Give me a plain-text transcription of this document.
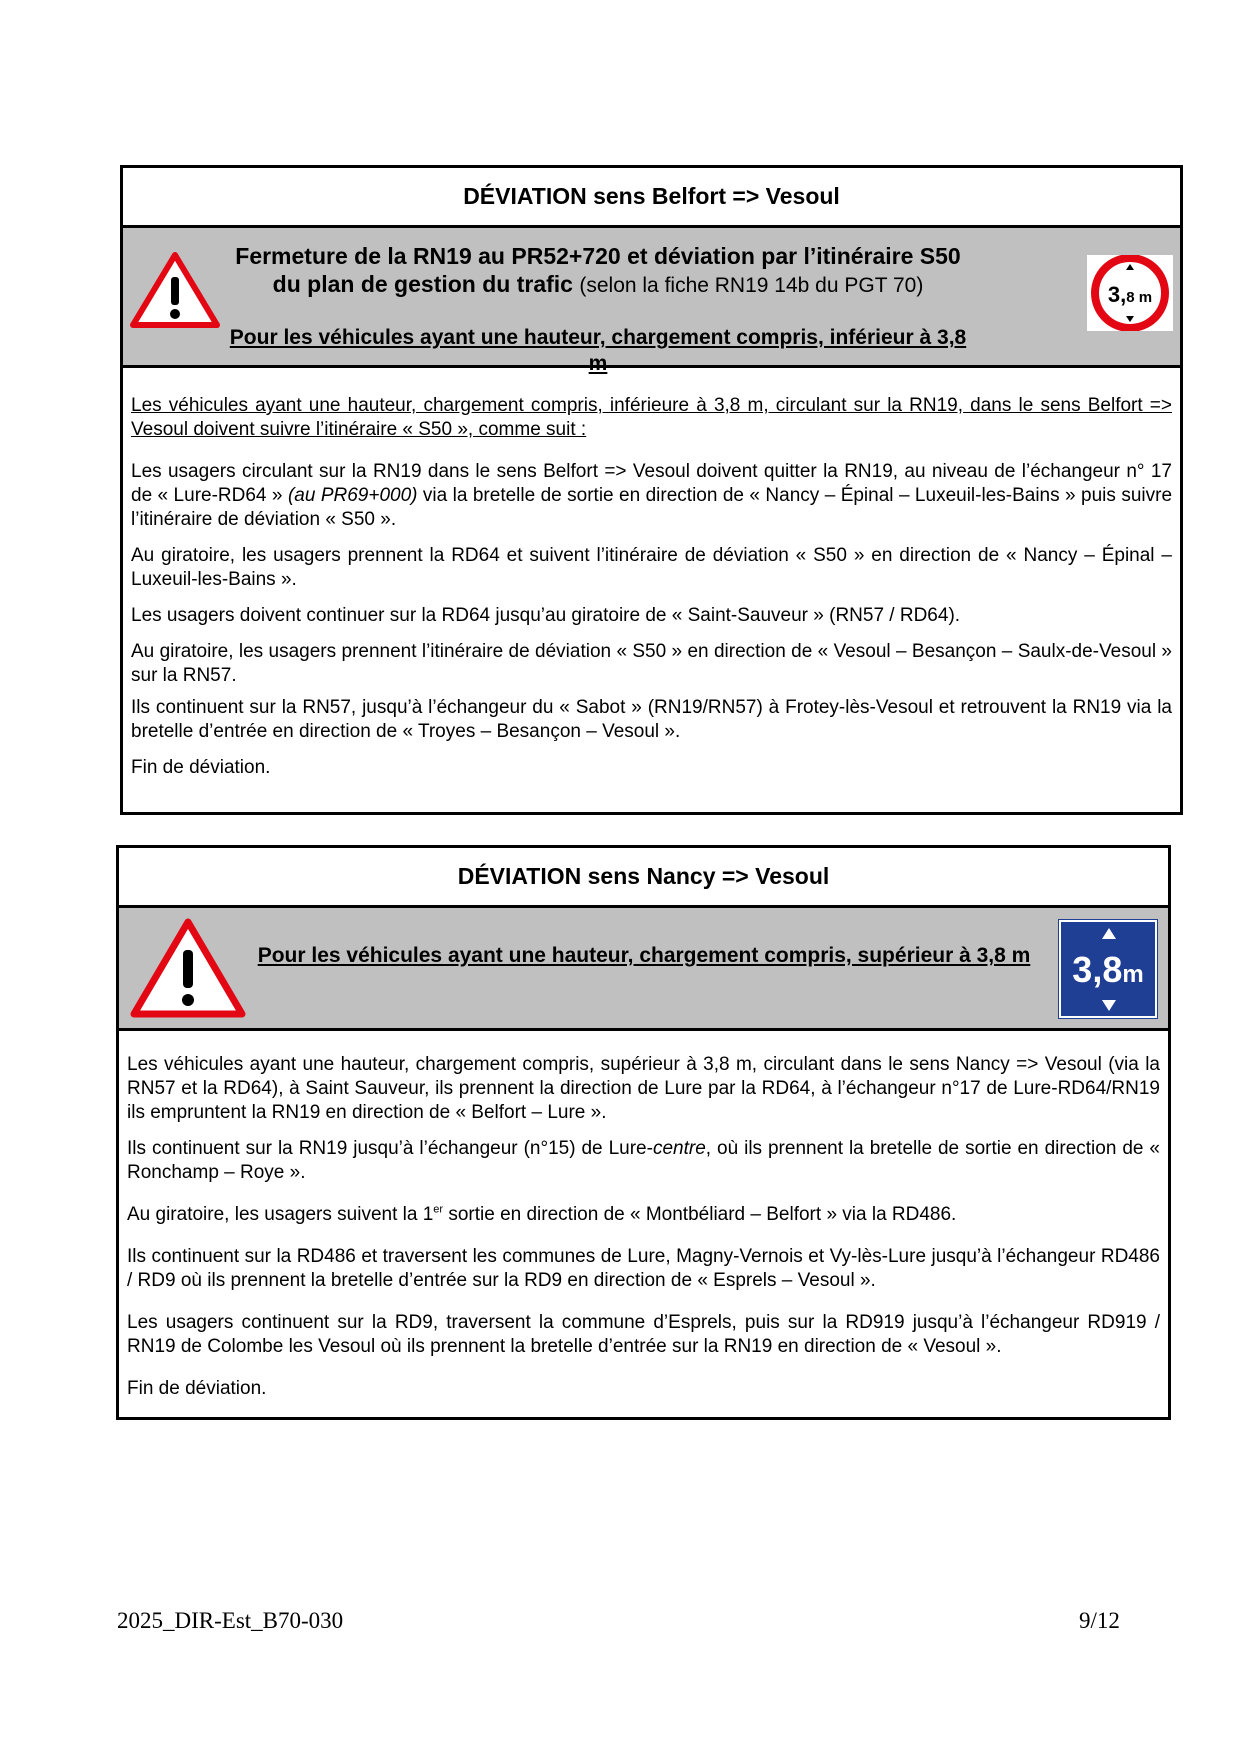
DÉVIATION sens Belfort => Vesoul
Fermeture de la RN19 au PR52+720 et déviation par l’itinéraire S50 du plan de gestion du trafic (selon la fiche RN19 14b du PGT 70)
Pour les véhicules ayant une hauteur, chargement compris, inférieur à 3,8 m
3,8 m

Les véhicules ayant une hauteur, chargement compris, inférieure à 3,8 m, circulant sur la RN19, dans le sens Belfort => Vesoul doivent suivre l’itinéraire « S50 », comme suit :

Les usagers circulant sur la RN19 dans le sens Belfort => Vesoul doivent quitter la RN19, au niveau de l’échangeur n° 17 de « Lure-RD64 » (au PR69+000) via la bretelle de sortie en direction de « Nancy – Épinal – Luxeuil-les-Bains » puis suivre l’itinéraire de déviation « S50 ».

Au giratoire, les usagers prennent la RD64 et suivent l’itinéraire de déviation « S50 » en direction de « Nancy – Épinal – Luxeuil-les-Bains ».

Les usagers doivent continuer sur la RD64 jusqu’au giratoire de « Saint-Sauveur » (RN57 / RD64).

Au giratoire, les usagers prennent l’itinéraire de déviation « S50 » en direction de « Vesoul – Besançon – Saulx-de-Vesoul » sur la RN57.

Ils continuent sur la RN57, jusqu’à l’échangeur du « Sabot » (RN19/RN57) à Frotey-lès-Vesoul et retrouvent la RN19 via la bretelle d’entrée en direction de « Troyes – Besançon – Vesoul ».

Fin de déviation.

DÉVIATION sens Nancy => Vesoul
Pour les véhicules ayant une hauteur, chargement compris, supérieur à 3,8 m	3,8m

Les véhicules ayant une hauteur, chargement compris, supérieur à 3,8 m, circulant dans le sens Nancy => Vesoul (via la RN57 et la RD64), à Saint Sauveur, ils prennent la direction de Lure par la RD64, à l’échangeur n°17 de Lure-RD64/RN19 ils empruntent la RN19 en direction de « Belfort – Lure ».

Ils continuent sur la RN19 jusqu’à l’échangeur (n°15) de Lure-centre, où ils prennent la bretelle de sortie en direction de « Ronchamp – Roye ».

Au giratoire, les usagers suivent la 1er sortie en direction de « Montbéliard – Belfort » via la RD486.

Ils continuent sur la RD486 et traversent les communes de Lure, Magny-Vernois et Vy-lès-Lure jusqu’à l’échangeur RD486 / RD9 où ils prennent la bretelle d’entrée sur la RD9 en direction de « Esprels – Vesoul ».

Les usagers continuent sur la RD9, traversent la commune d’Esprels, puis sur la RD919 jusqu’à l’échangeur RD919 / RN19 de Colombe les Vesoul où ils prennent la bretelle d’entrée sur la RN19 en direction de « Vesoul ».

Fin de déviation.

2025_DIR-Est_B70-030	9/12
